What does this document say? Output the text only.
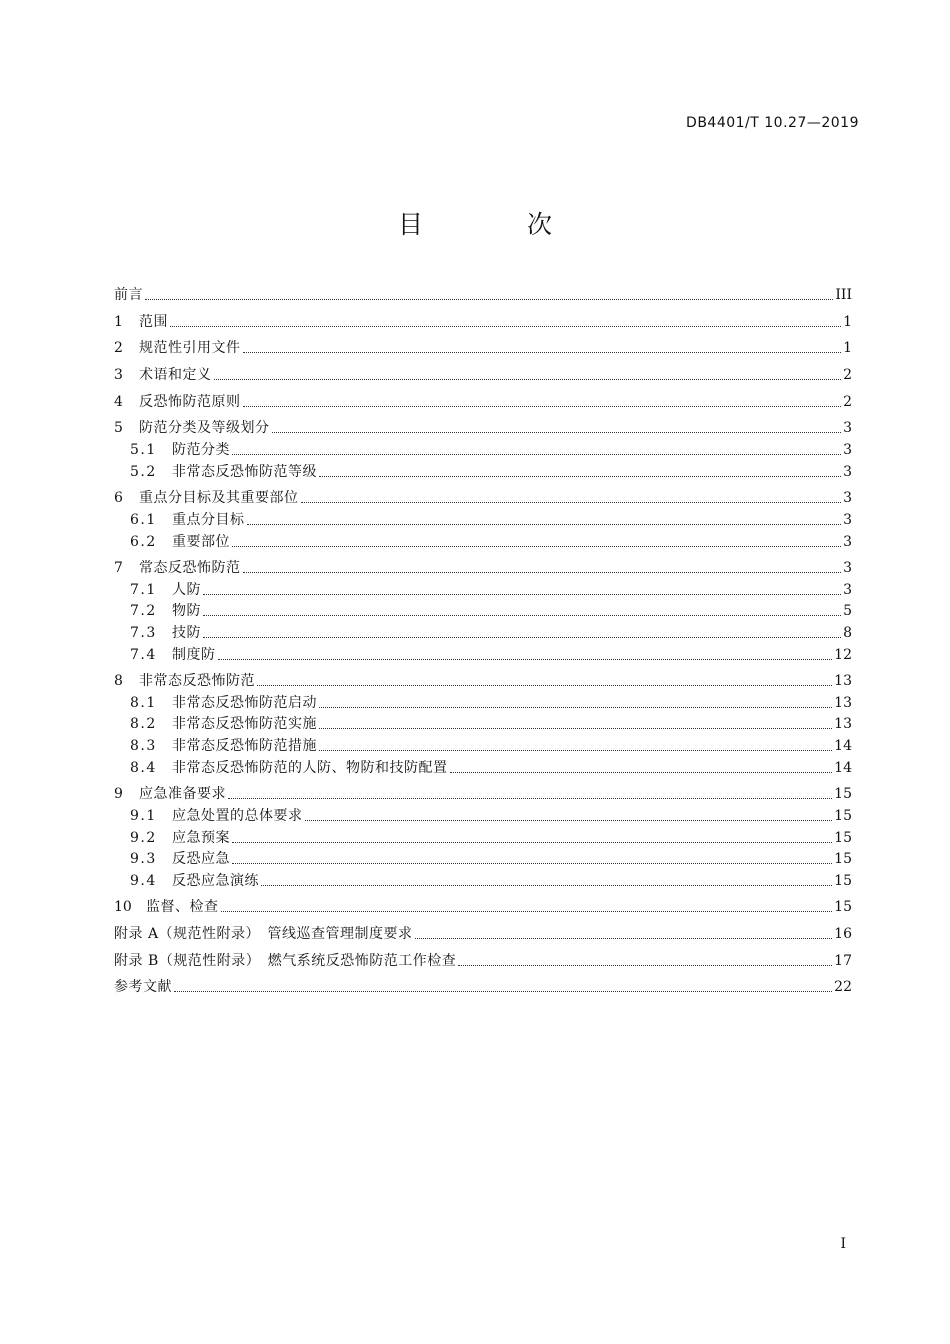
DB4401/T 10.27—2019
目 次
前言	III
1	范围	1
2	规范性引用文件	1
3	术语和定义	2
4	反恐怖防范原则	2
5	防范分类及等级划分	3
5.1	防范分类	3
5.2	非常态反恐怖防范等级	3
6	重点分目标及其重要部位	3
6.1	重点分目标	3
6.2	重要部位	3
7	常态反恐怖防范	3
7.1	人防	3
7.2	物防	5
7.3	技防	8
7.4	制度防	12
8	非常态反恐怖防范	13
8.1	非常态反恐怖防范启动	13
8.2	非常态反恐怖防范实施	13
8.3	非常态反恐怖防范措施	14
8.4	非常态反恐怖防范的人防、物防和技防配置	14
9	应急准备要求	15
9.1	应急处置的总体要求	15
9.2	应急预案	15
9.3	反恐应急	15
9.4	反恐应急演练	15
10	监督、检查	15
附录 A（规范性附录）　管线巡查管理制度要求	16
附录 B（规范性附录）　燃气系统反恐怖防范工作检查	17
参考文献	22
I
